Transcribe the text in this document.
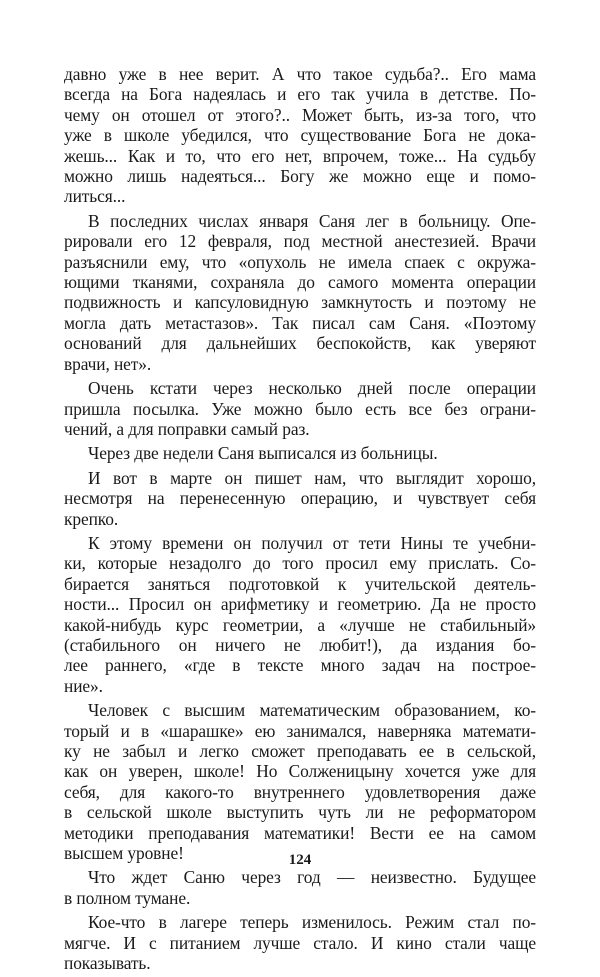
давно уже в нее верит. А что такое судьба?.. Его мама
всегда на Бога надеялась и его так учила в детстве. По-
чему он отошел от этого?.. Может быть, из-за того, что
уже в школе убедился, что существование Бога не дока-
жешь... Как и то, что его нет, впрочем, тоже... На судьбу
можно лишь надеяться... Богу же можно еще и помо-
литься...
В последних числах января Саня лег в больницу. Опе-
рировали его 12 февраля, под местной анестезией. Врачи
разъяснили ему, что «опухоль не имела спаек с окружа-
ющими тканями, сохраняла до самого момента операции
подвижность и капсуловидную замкнутость и поэтому не
могла дать метастазов». Так писал сам Саня. «Поэтому
оснований для дальнейших беспокойств, как уверяют
врачи, нет».
Очень кстати через несколько дней после операции
пришла посылка. Уже можно было есть все без ограни-
чений, а для поправки самый раз.
Через две недели Саня выписался из больницы.
И вот в марте он пишет нам, что выглядит хорошо,
несмотря на перенесенную операцию, и чувствует себя
крепко.
К этому времени он получил от тети Нины те учебни-
ки, которые незадолго до того просил ему прислать. Со-
бирается заняться подготовкой к учительской деятель-
ности... Просил он арифметику и геометрию. Да не просто
какой-нибудь курс геометрии, а «лучше не стабильный»
(стабильного он ничего не любит!), да издания бо-
лее раннего, «где в тексте много задач на построе-
ние».
Человек с высшим математическим образованием, ко-
торый и в «шарашке» ею занимался, наверняка математи-
ку не забыл и легко сможет преподавать ее в сельской,
как он уверен, школе! Но Солженицыну хочется уже для
себя, для какого-то внутреннего удовлетворения даже
в сельской школе выступить чуть ли не реформатором
методики преподавания математики! Вести ее на самом
высшем уровне!
Что ждет Саню через год — неизвестно. Будущее
в полном тумане.
Кое-что в лагере теперь изменилось. Режим стал по-
мягче. И с питанием лучше стало. И кино стали чаще
показывать.
124
